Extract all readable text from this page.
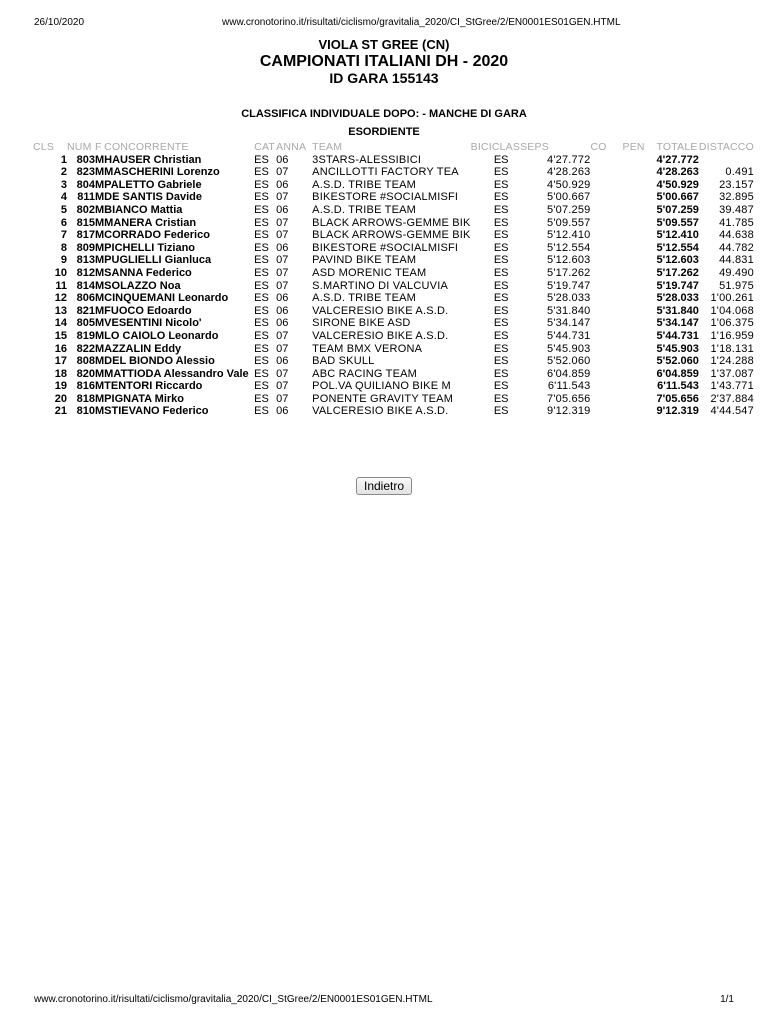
26/10/2020	www.cronotorino.it/risultati/ciclismo/gravitalia_2020/CI_StGree/2/EN0001ES01GEN.HTML
VIOLA ST GREE (CN)
CAMPIONATI ITALIANI DH - 2020
ID GARA 155143
CLASSIFICA INDIVIDUALE DOPO: - MANCHE DI GARA
ESORDIENTE
CLS	NUM	F	CONCORRENTE	CAT	ANNA	TEAM	BICICLASSE		PS	CO	PEN	TOTALE	DISTACCO
1	803	M	HAUSER Christian	ES	06	3STARS-ALESSIBICI		ES	4'27.772			4'27.772	
2	823	M	MASCHERINI Lorenzo	ES	07	ANCILLOTTI FACTORY TEA		ES	4'28.263			4'28.263	0.491
3	804	M	PALETTO Gabriele	ES	06	A.S.D. TRIBE TEAM		ES	4'50.929			4'50.929	23.157
4	811	M	DE SANTIS Davide	ES	07	BIKESTORE #SOCIALMISFI		ES	5'00.667			5'00.667	32.895
5	802	M	BIANCO Mattia	ES	06	A.S.D. TRIBE TEAM		ES	5'07.259			5'07.259	39.487
6	815	M	MANERA Cristian	ES	07	BLACK ARROWS-GEMME BIK		ES	5'09.557			5'09.557	41.785
7	817	M	CORRADO Federico	ES	07	BLACK ARROWS-GEMME BIK		ES	5'12.410			5'12.410	44.638
8	809	M	PICHELLI Tiziano	ES	06	BIKESTORE #SOCIALMISFI		ES	5'12.554			5'12.554	44.782
9	813	M	PUGLIELLI Gianluca	ES	07	PAVIND BIKE TEAM		ES	5'12.603			5'12.603	44.831
10	812	M	SANNA Federico	ES	07	ASD MORENIC TEAM		ES	5'17.262			5'17.262	49.490
11	814	M	SOLAZZO Noa	ES	07	S.MARTINO DI VALCUVIA		ES	5'19.747			5'19.747	51.975
12	806	M	CINQUEMANI Leonardo	ES	06	A.S.D. TRIBE TEAM		ES	5'28.033			5'28.033	1'00.261
13	821	M	FUOCO Edoardo	ES	06	VALCERESIO BIKE A.S.D.		ES	5'31.840			5'31.840	1'04.068
14	805	M	VESENTINI Nicolo'	ES	06	SIRONE BIKE ASD		ES	5'34.147			5'34.147	1'06.375
15	819	M	LO CAIOLO Leonardo	ES	07	VALCERESIO BIKE A.S.D.		ES	5'44.731			5'44.731	1'16.959
16	822	M	AZZALIN Eddy	ES	07	TEAM BMX VERONA		ES	5'45.903			5'45.903	1'18.131
17	808	M	DEL BIONDO Alessio	ES	06	BAD SKULL		ES	5'52.060			5'52.060	1'24.288
18	820	M	MATTIODA Alessandro Vale	ES	07	ABC RACING TEAM		ES	6'04.859			6'04.859	1'37.087
19	816	M	TENTORI Riccardo	ES	07	POL.VA QUILIANO BIKE M		ES	6'11.543			6'11.543	1'43.771
20	818	M	PIGNATA Mirko	ES	07	PONENTE GRAVITY TEAM		ES	7'05.656			7'05.656	2'37.884
21	810	M	STIEVANO Federico	ES	06	VALCERESIO BIKE A.S.D.		ES	9'12.319			9'12.319	4'44.547
Indietro
www.cronotorino.it/risultati/ciclismo/gravitalia_2020/CI_StGree/2/EN0001ES01GEN.HTML	1/1
